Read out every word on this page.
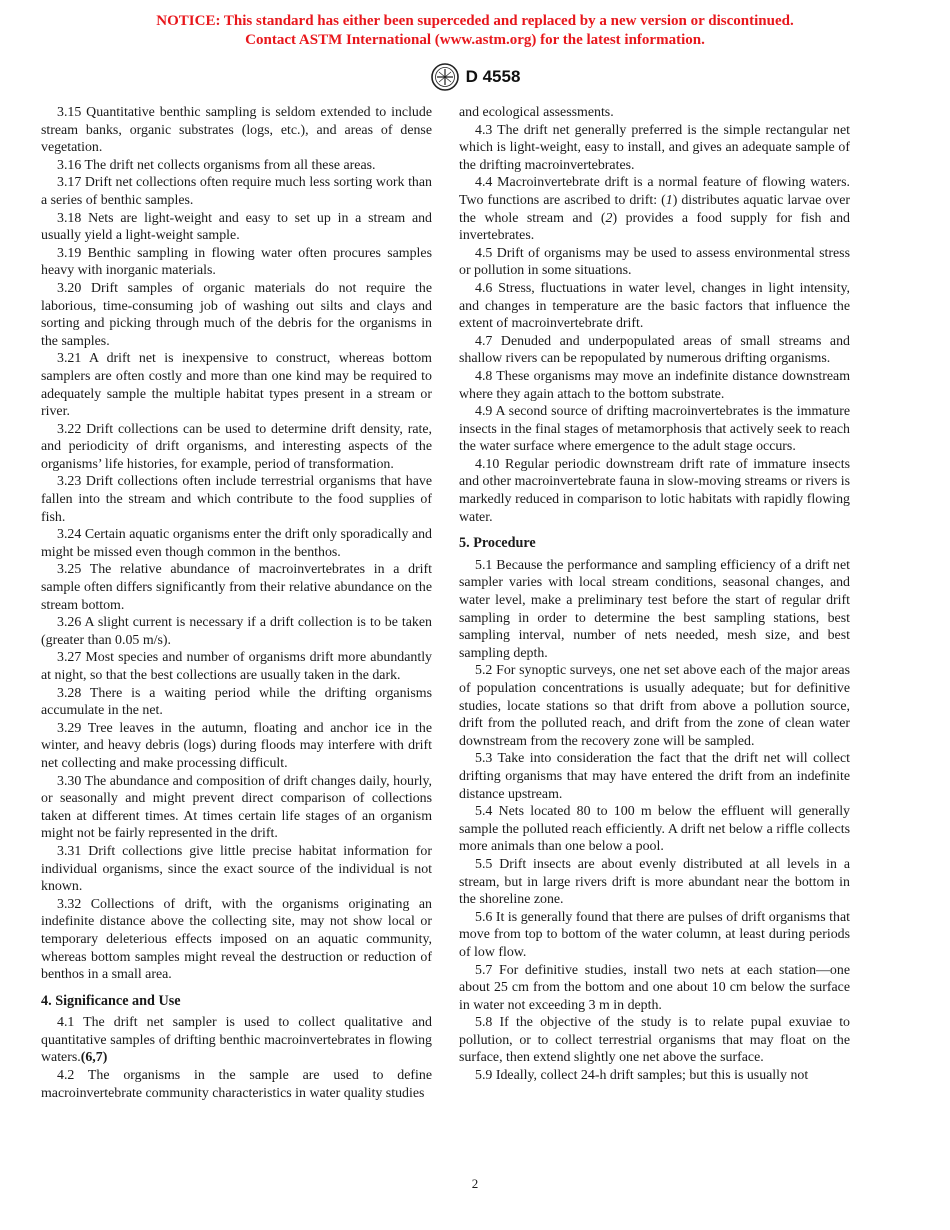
NOTICE: This standard has either been superceded and replaced by a new version or discontinued.
Contact ASTM International (www.astm.org) for the latest information.
D 4558

3.15 Quantitative benthic sampling is seldom extended to include stream banks, organic substrates (logs, etc.), and areas of dense vegetation.

3.16 The drift net collects organisms from all these areas.

3.17 Drift net collections often require much less sorting work than a series of benthic samples.

3.18 Nets are light-weight and easy to set up in a stream and usually yield a light-weight sample.

3.19 Benthic sampling in flowing water often procures samples heavy with inorganic materials.

3.20 Drift samples of organic materials do not require the laborious, time-consuming job of washing out silts and clays and sorting and picking through much of the debris for the organisms in the samples.

3.21 A drift net is inexpensive to construct, whereas bottom samplers are often costly and more than one kind may be required to adequately sample the multiple habitat types present in a stream or river.

3.22 Drift collections can be used to determine drift density, rate, and periodicity of drift organisms, and interesting aspects of the organisms’ life histories, for example, period of transformation.

3.23 Drift collections often include terrestrial organisms that have fallen into the stream and which contribute to the food supplies of fish.

3.24 Certain aquatic organisms enter the drift only sporadically and might be missed even though common in the benthos.

3.25 The relative abundance of macroinvertebrates in a drift sample often differs significantly from their relative abundance on the stream bottom.

3.26 A slight current is necessary if a drift collection is to be taken (greater than 0.05 m/s).

3.27 Most species and number of organisms drift more abundantly at night, so that the best collections are usually taken in the dark.

3.28 There is a waiting period while the drifting organisms accumulate in the net.

3.29 Tree leaves in the autumn, floating and anchor ice in the winter, and heavy debris (logs) during floods may interfere with drift net collecting and make processing difficult.

3.30 The abundance and composition of drift changes daily, hourly, or seasonally and might prevent direct comparison of collections taken at different times. At times certain life stages of an organism might not be fairly represented in the drift.

3.31 Drift collections give little precise habitat information for individual organisms, since the exact source of the individual is not known.

3.32 Collections of drift, with the organisms originating an indefinite distance above the collecting site, may not show local or temporary deleterious effects imposed on an aquatic community, whereas bottom samples might reveal the destruction or reduction of benthos in a small area.

4. Significance and Use

4.1 The drift net sampler is used to collect qualitative and quantitative samples of drifting benthic macroinvertebrates in flowing waters.(6,7)

4.2 The organisms in the sample are used to define macroinvertebrate community characteristics in water quality studies

and ecological assessments.

4.3 The drift net generally preferred is the simple rectangular net which is light-weight, easy to install, and gives an adequate sample of the drifting macroinvertebrates.

4.4 Macroinvertebrate drift is a normal feature of flowing waters. Two functions are ascribed to drift: (1) distributes aquatic larvae over the whole stream and (2) provides a food supply for fish and invertebrates.

4.5 Drift of organisms may be used to assess environmental stress or pollution in some situations.

4.6 Stress, fluctuations in water level, changes in light intensity, and changes in temperature are the basic factors that influence the extent of macroinvertebrate drift.

4.7 Denuded and underpopulated areas of small streams and shallow rivers can be repopulated by numerous drifting organisms.

4.8 These organisms may move an indefinite distance downstream where they again attach to the bottom substrate.

4.9 A second source of drifting macroinvertebrates is the immature insects in the final stages of metamorphosis that actively seek to reach the water surface where emergence to the adult stage occurs.

4.10 Regular periodic downstream drift rate of immature insects and other macroinvertebrate fauna in slow-moving streams or rivers is markedly reduced in comparison to lotic habitats with rapidly flowing water.

5. Procedure

5.1 Because the performance and sampling efficiency of a drift net sampler varies with local stream conditions, seasonal changes, and water level, make a preliminary test before the start of regular drift sampling in order to determine the best sampling stations, best sampling interval, number of nets needed, mesh size, and best sampling depth.

5.2 For synoptic surveys, one net set above each of the major areas of population concentrations is usually adequate; but for definitive studies, locate stations so that drift from above a pollution source, drift from the polluted reach, and drift from the zone of clean water downstream from the recovery zone will be sampled.

5.3 Take into consideration the fact that the drift net will collect drifting organisms that may have entered the drift from an indefinite distance upstream.

5.4 Nets located 80 to 100 m below the effluent will generally sample the polluted reach efficiently. A drift net below a riffle collects more animals than one below a pool.

5.5 Drift insects are about evenly distributed at all levels in a stream, but in large rivers drift is more abundant near the bottom in the shoreline zone.

5.6 It is generally found that there are pulses of drift organisms that move from top to bottom of the water column, at least during periods of low flow.

5.7 For definitive studies, install two nets at each station—one about 25 cm from the bottom and one about 10 cm below the surface in water not exceeding 3 m in depth.

5.8 If the objective of the study is to relate pupal exuviae to pollution, or to collect terrestrial organisms that may float on the surface, then extend slightly one net above the surface.

5.9 Ideally, collect 24-h drift samples; but this is usually not

2
